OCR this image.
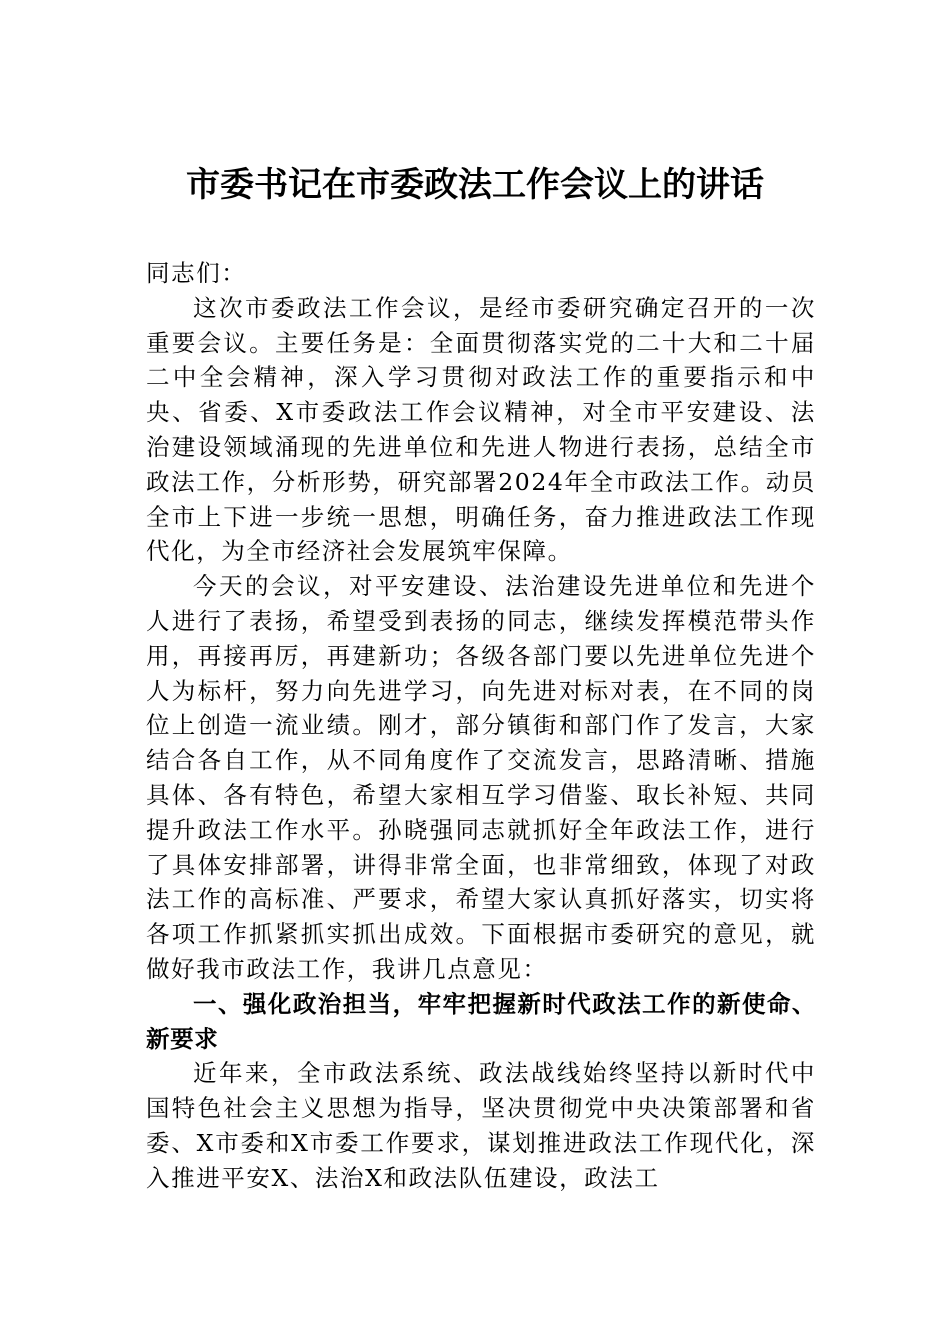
市委书记在市委政法工作会议上的讲话

同志们：

这次市委政法工作会议，是经市委研究确定召开的一次重要会议。主要任务是：全面贯彻落实党的二十大和二十届二中全会精神，深入学习贯彻对政法工作的重要指示和中央、省委、X市委政法工作会议精神，对全市平安建设、法治建设领域涌现的先进单位和先进人物进行表扬，总结全市政法工作，分析形势，研究部署2024年全市政法工作。动员全市上下进一步统一思想，明确任务，奋力推进政法工作现代化，为全市经济社会发展筑牢保障。

今天的会议，对平安建设、法治建设先进单位和先进个人进行了表扬，希望受到表扬的同志，继续发挥模范带头作用，再接再厉，再建新功；各级各部门要以先进单位先进个人为标杆，努力向先进学习，向先进对标对表，在不同的岗位上创造一流业绩。刚才，部分镇街和部门作了发言，大家结合各自工作，从不同角度作了交流发言，思路清晰、措施具体、各有特色，希望大家相互学习借鉴、取长补短、共同提升政法工作水平。孙晓强同志就抓好全年政法工作，进行了具体安排部署，讲得非常全面，也非常细致，体现了对政法工作的高标准、严要求，希望大家认真抓好落实，切实将各项工作抓紧抓实抓出成效。下面根据市委研究的意见，就做好我市政法工作，我讲几点意见：

一、强化政治担当，牢牢把握新时代政法工作的新使命、新要求

近年来，全市政法系统、政法战线始终坚持以新时代中国特色社会主义思想为指导，坚决贯彻党中央决策部署和省委、X市委和X市委工作要求，谋划推进政法工作现代化，深入推进平安X、法治X和政法队伍建设，政法工
